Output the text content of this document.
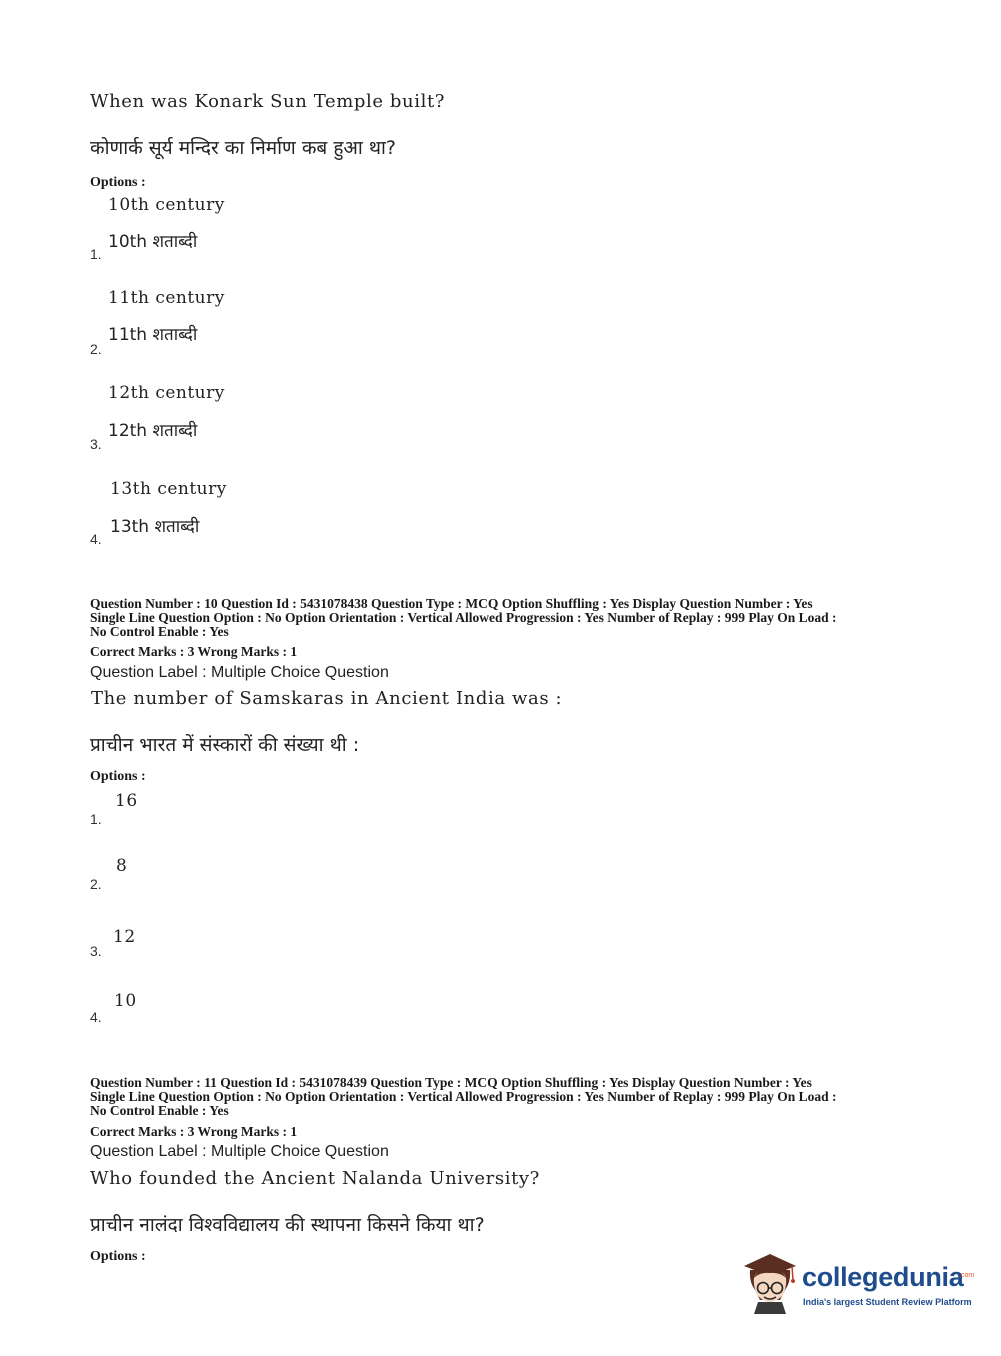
When was Konark Sun Temple built?
कोणार्क सूर्य मन्दिर का निर्माण कब हुआ था?
Options :
10th century
10th शताब्दी
1.
11th century
11th शताब्दी
2.
12th century
12th शताब्दी
3.
13th century
13th शताब्दी
4.
Question Number : 10 Question Id : 5431078438 Question Type : MCQ Option Shuffling : Yes Display Question Number : Yes
Single Line Question Option : No Option Orientation : Vertical Allowed Progression : Yes Number of Replay : 999 Play On Load :
No Control Enable : Yes
Correct Marks : 3 Wrong Marks : 1
Question Label : Multiple Choice Question
The number of Samskaras in Ancient India was :
प्राचीन भारत में संस्कारों की संख्या थी :
Options :
16
1.
8
2.
12
3.
10
4.
Question Number : 11 Question Id : 5431078439 Question Type : MCQ Option Shuffling : Yes Display Question Number : Yes
Single Line Question Option : No Option Orientation : Vertical Allowed Progression : Yes Number of Replay : 999 Play On Load :
No Control Enable : Yes
Correct Marks : 3 Wrong Marks : 1
Question Label : Multiple Choice Question
Who founded the Ancient Nalanda University?
प्राचीन नालंदा विश्वविद्यालय की स्थापना किसने किया था?
Options :
collegedunia
.com
India's largest Student Review Platform
